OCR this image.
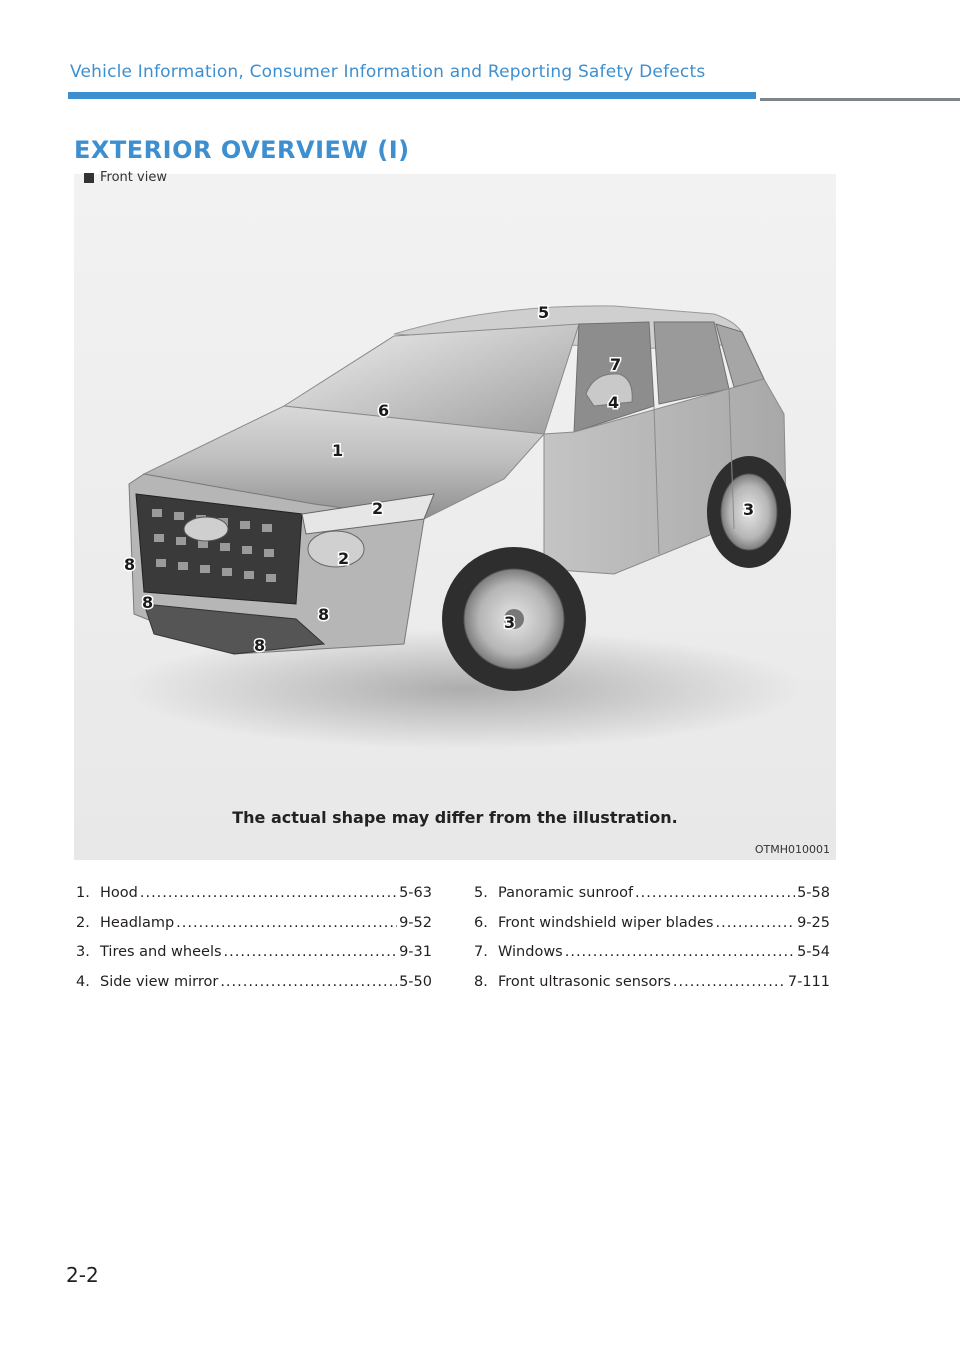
Vehicle Information, Consumer Information and Reporting Safety Defects
EXTERIOR OVERVIEW (I)
5
7
4
6
1
2	3
2
8
8
8	3
8
The actual shape may differ from the illustration.
OTMH010001
Front view
1. Hood .....	5-63
2. Headlamp .....	9-52
3. Tires and wheels .....	9-31
4. Side view mirror .....	5-50
5. Panoramic sunroof .....	5-58
6. Front windshield wiper blades .....	9-25
7. Windows .....	5-54
8. Front ultrasonic sensors .....	7-111
2-2
